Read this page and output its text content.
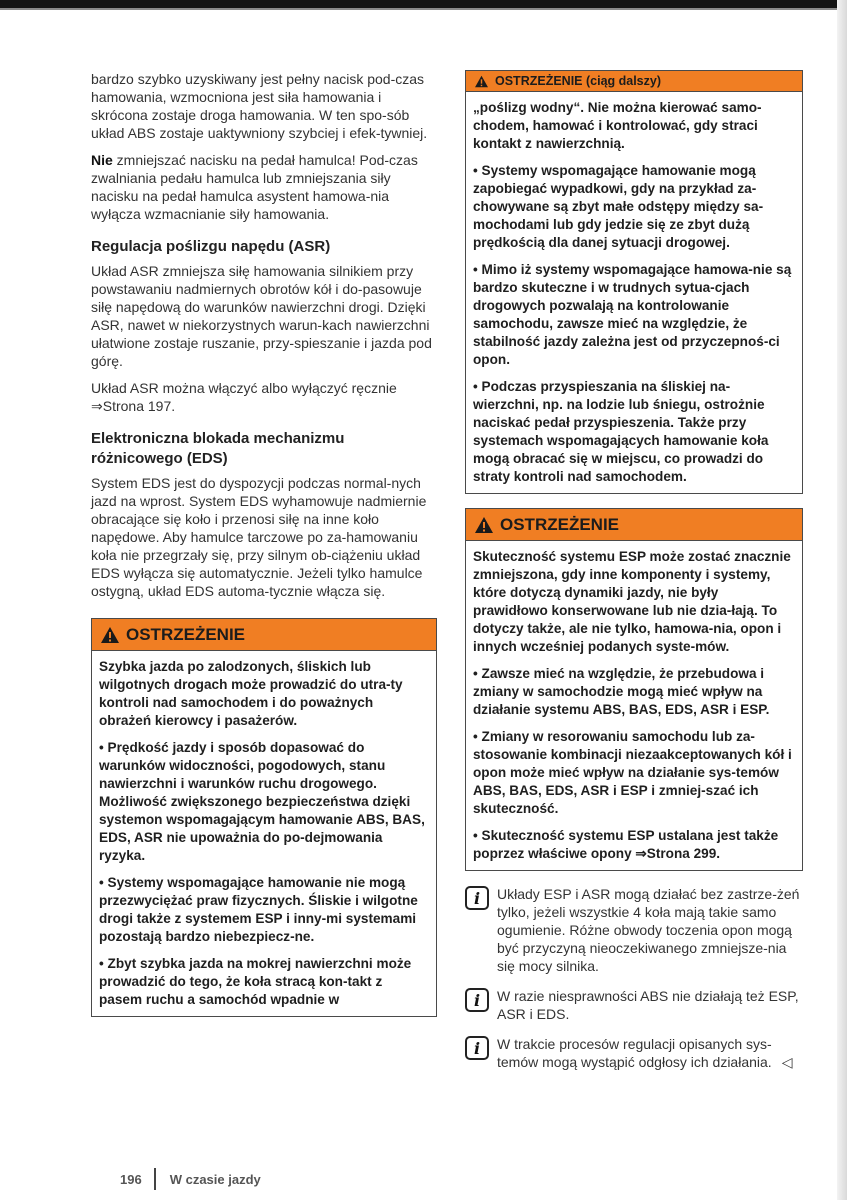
bardzo szybko uzyskiwany jest pełny nacisk pod-czas hamowania, wzmocniona jest siła hamowania i skrócona zostaje droga hamowania. W ten spo-sób układ ABS zostaje uaktywniony szybciej i efek-tywniej.

Nie zmniejszać nacisku na pedał hamulca! Pod-czas zwalniania pedału hamulca lub zmniejszania siły nacisku na pedał hamulca asystent hamowa-nia wyłącza wzmacnianie siły hamowania.

Regulacja poślizgu napędu (ASR)

Układ ASR zmniejsza siłę hamowania silnikiem przy powstawaniu nadmiernych obrotów kół i do-pasowuje siłę napędową do warunków nawierzchni drogi. Dzięki ASR, nawet w niekorzystnych warun-kach nawierzchni ułatwione zostaje ruszanie, przy-spieszanie i jazda pod górę.

Układ ASR można włączyć albo wyłączyć ręcznie ⇒Strona 197.

Elektroniczna blokada mechanizmu różnicowego (EDS)

System EDS jest do dyspozycji podczas normal-nych jazd na wprost. System EDS wyhamowuje nadmiernie obracające się koło i przenosi siłę na inne koło napędowe. Aby hamulce tarczowe po za-hamowaniu koła nie przegrzały się, przy silnym ob-ciążeniu układ EDS wyłącza się automatycznie. Jeżeli tylko hamulce ostygną, układ EDS automa-tycznie włącza się.

OSTRZEŻENIE

Szybka jazda po zalodzonych, śliskich lub wilgotnych drogach może prowadzić do utra-ty kontroli nad samochodem i do poważnych obrażeń kierowcy i pasażerów.

• Prędkość jazdy i sposób dopasować do warunków widoczności, pogodowych, stanu nawierzchni i warunków ruchu drogowego. Możliwość zwiększonego bezpieczeństwa dzięki systemon wspomagającym hamowanie ABS, BAS, EDS, ASR nie upoważnia do po-dejmowania ryzyka.

• Systemy wspomagające hamowanie nie mogą przezwyciężać praw fizycznych. Śliskie i wilgotne drogi także z systemem ESP i inny-mi systemami pozostają bardzo niebezpiecz-ne.

• Zbyt szybka jazda na mokrej nawierzchni może prowadzić do tego, że koła stracą kon-takt z pasem ruchu a samochód wpadnie w

OSTRZEŻENIE (ciąg dalszy)

„poślizg wodny“. Nie można kierować samo-chodem, hamować i kontrolować, gdy straci kontakt z nawierzchnią.

• Systemy wspomagające hamowanie mogą zapobiegać wypadkowi, gdy na przykład za-chowywane są zbyt małe odstępy między sa-mochodami lub gdy jedzie się ze zbyt dużą prędkością dla danej sytuacji drogowej.

• Mimo iż systemy wspomagające hamowa-nie są bardzo skuteczne i w trudnych sytua-cjach drogowych pozwalają na kontrolowanie samochodu, zawsze mieć na względzie, że stabilność jazdy zależna jest od przyczepnoś-ci opon.

• Podczas przyspieszania na śliskiej na-wierzchni, np. na lodzie lub śniegu, ostrożnie naciskać pedał przyspieszenia. Także przy systemach wspomagających hamowanie koła mogą obracać się w miejscu, co prowadzi do straty kontroli nad samochodem.

OSTRZEŻENIE

Skuteczność systemu ESP może zostać znacznie zmniejszona, gdy inne komponenty i systemy, które dotyczą dynamiki jazdy, nie były prawidłowo konserwowane lub nie dzia-łają. To dotyczy także, ale nie tylko, hamowa-nia, opon i innych wcześniej podanych syste-mów.

• Zawsze mieć na względzie, że przebudowa i zmiany w samochodzie mogą mieć wpływ na działanie systemu ABS, BAS, EDS, ASR i ESP.

• Zmiany w resorowaniu samochodu lub za-stosowanie kombinacji niezaakceptowanych kół i opon może mieć wpływ na działanie sys-temów ABS, BAS, EDS, ASR i ESP i zmniej-szać ich skuteczność.

• Skuteczność systemu ESP ustalana jest także poprzez właściwe opony ⇒Strona 299.

i	Układy ESP i ASR mogą działać bez zastrze-żeń tylko, jeżeli wszystkie 4 koła mają takie samo ogumienie. Różne obwody toczenia opon mogą być przyczyną nieoczekiwanego zmniejsze-nia się mocy silnika.
i	W razie niesprawności ABS nie działają też ESP, ASR i EDS.
i	W trakcie procesów regulacji opisanych sys-temów mogą wystąpić odgłosy ich działania. ◁
196 W czasie jazdy
